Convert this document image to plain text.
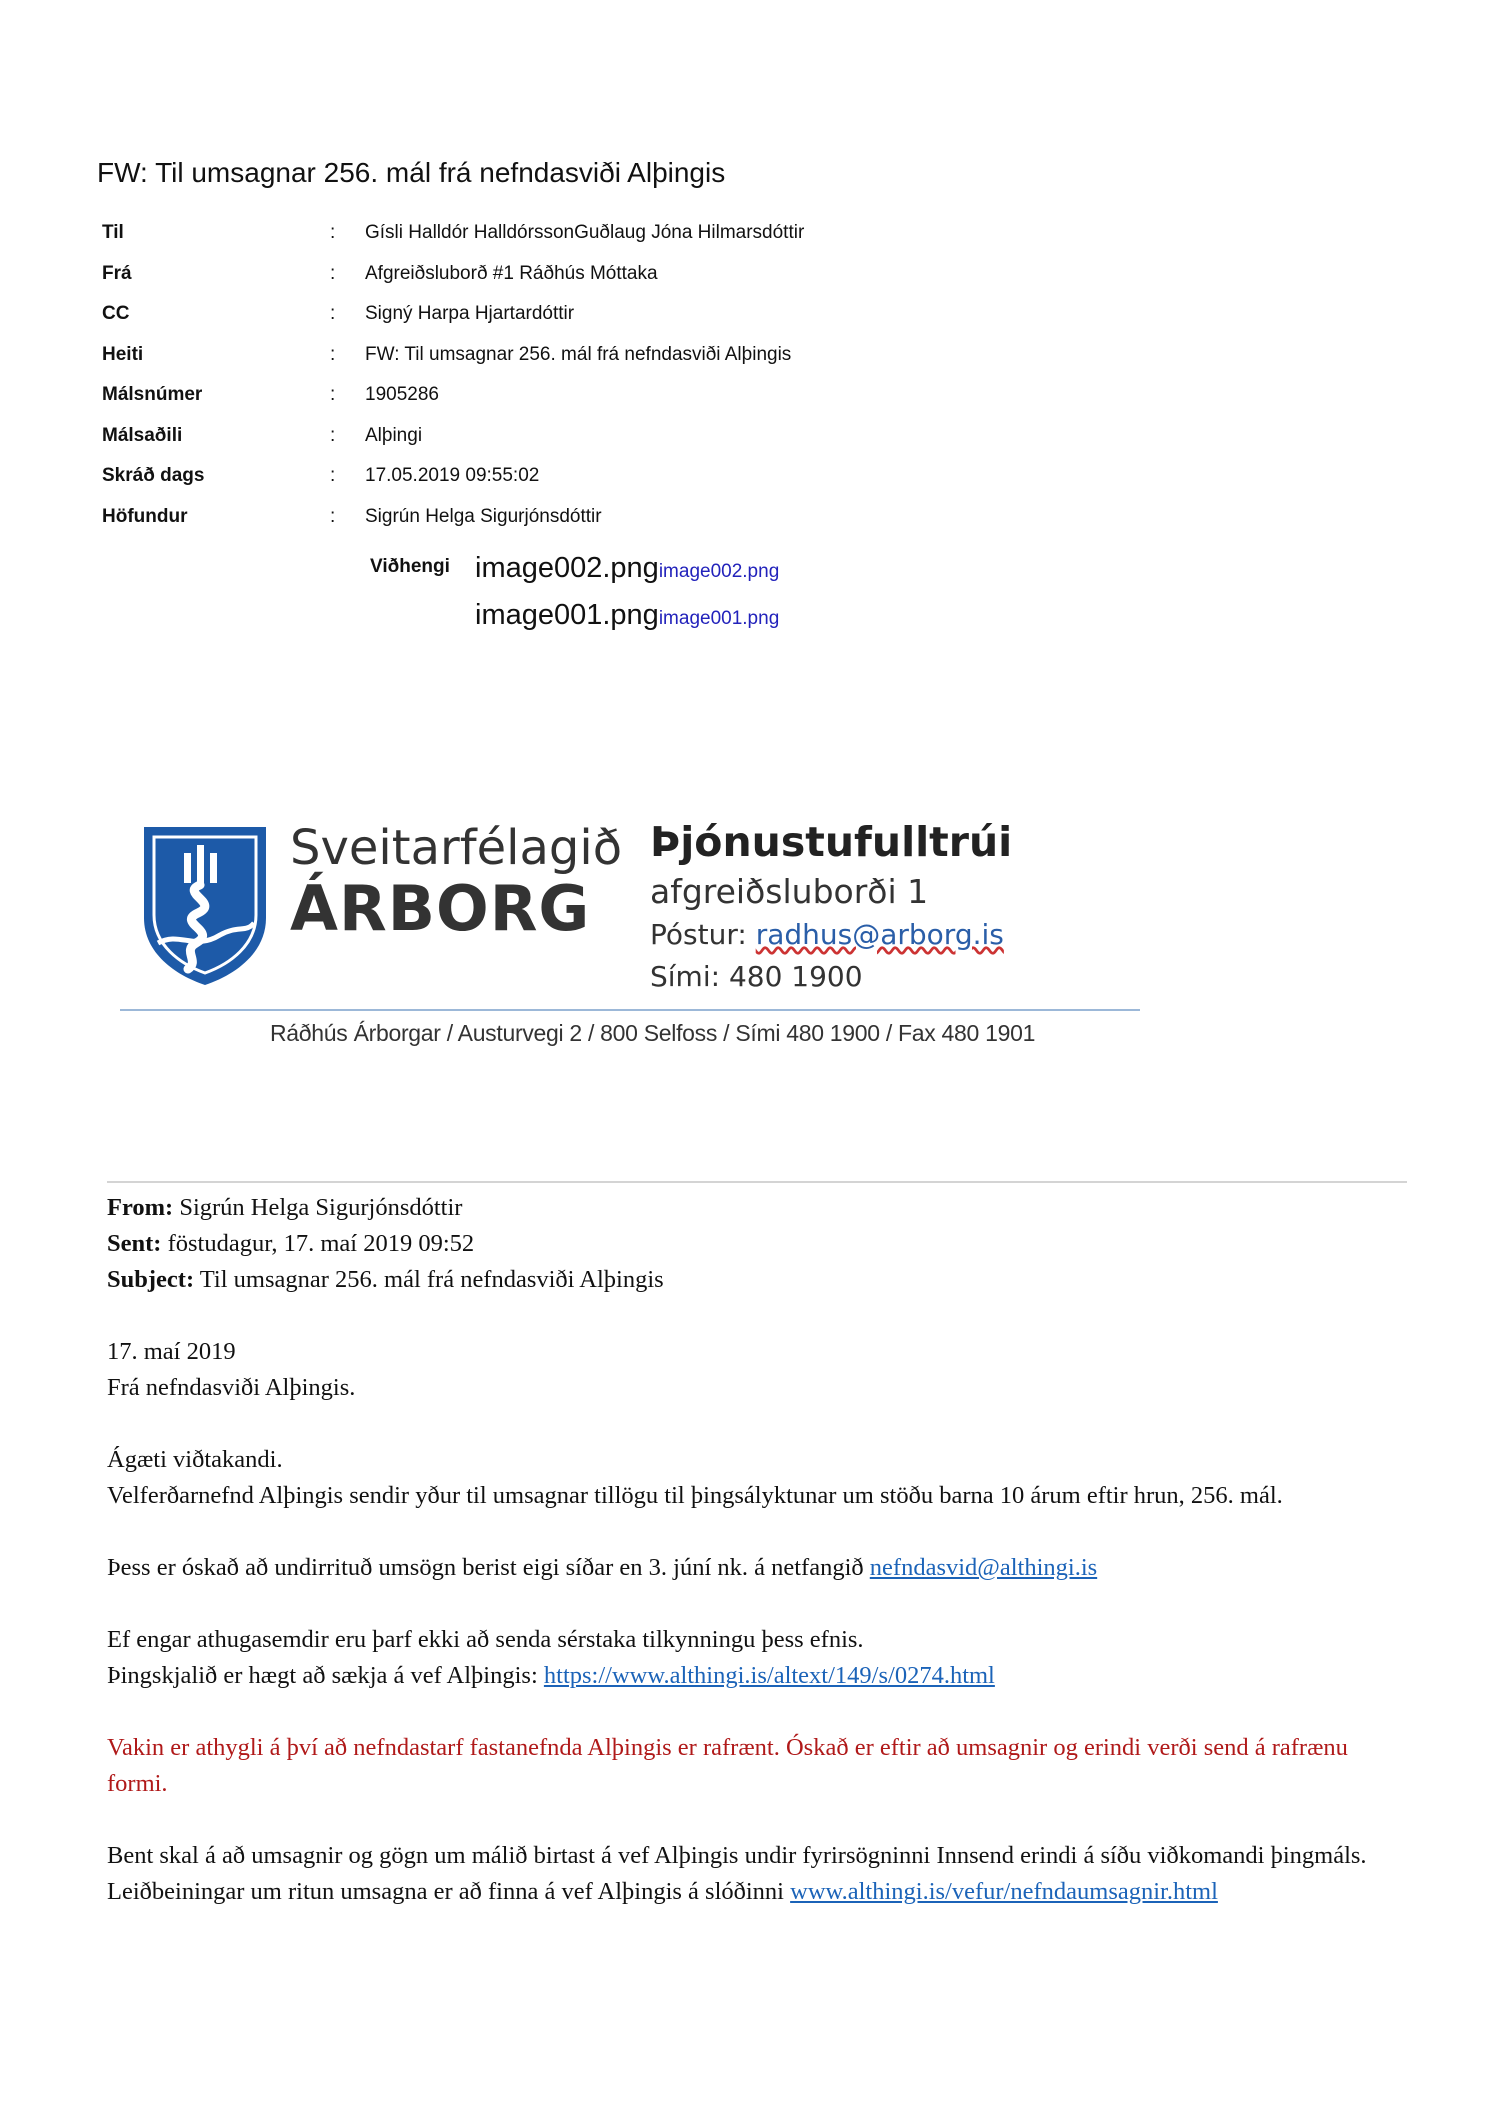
FW: Til umsagnar 256. mál frá nefndasviði Alþingis
Til	:	Gísli Halldór HalldórssonGuðlaug Jóna Hilmarsdóttir
Frá	:	Afgreiðsluborð #1 Ráðhús Móttaka
CC	:	Signý Harpa Hjartardóttir
Heiti	:	FW: Til umsagnar 256. mál frá nefndasviði Alþingis
Málsnúmer	:	1905286
Málsaðili	:	Alþingi
Skráð dags	:	17.05.2019 09:55:02
Höfundur	:	Sigrún Helga Sigurjónsdóttir
Viðhengi image002.pngimage002.png
image001.pngimage001.png
Sveitarfélagið
ÁRBORG
Þjónustufulltrúi
afgreiðsluborði 1
Póstur: radhus@arborg.is
Sími: 480 1900
Ráðhús Árborgar / Austurvegi 2 / 800 Selfoss / Sími 480 1900 / Fax 480 1901

From: Sigrún Helga Sigurjónsdóttir

Sent: föstudagur, 17. maí 2019 09:52

Subject: Til umsagnar 256. mál frá nefndasviði Alþingis

17. maí 2019

Frá nefndasviði Alþingis.

Ágæti viðtakandi.

Velferðarnefnd Alþingis sendir yður til umsagnar tillögu til þingsályktunar um stöðu barna 10 árum eftir hrun, 256. mál.

Þess er óskað að undirrituð umsögn berist eigi síðar en 3. júní nk. á netfangið nefndasvid@althingi.is

Ef engar athugasemdir eru þarf ekki að senda sérstaka tilkynningu þess efnis.

Þingskjalið er hægt að sækja á vef Alþingis: https://www.althingi.is/altext/149/s/0274.html

Vakin er athygli á því að nefndastarf fastanefnda Alþingis er rafrænt. Óskað er eftir að umsagnir og erindi verði send á rafrænu formi.

Bent skal á að umsagnir og gögn um málið birtast á vef Alþingis undir fyrirsögninni Innsend erindi á síðu viðkomandi þingmáls.

Leiðbeiningar um ritun umsagna er að finna á vef Alþingis á slóðinni www.althingi.is/vefur/nefndaumsagnir.html
